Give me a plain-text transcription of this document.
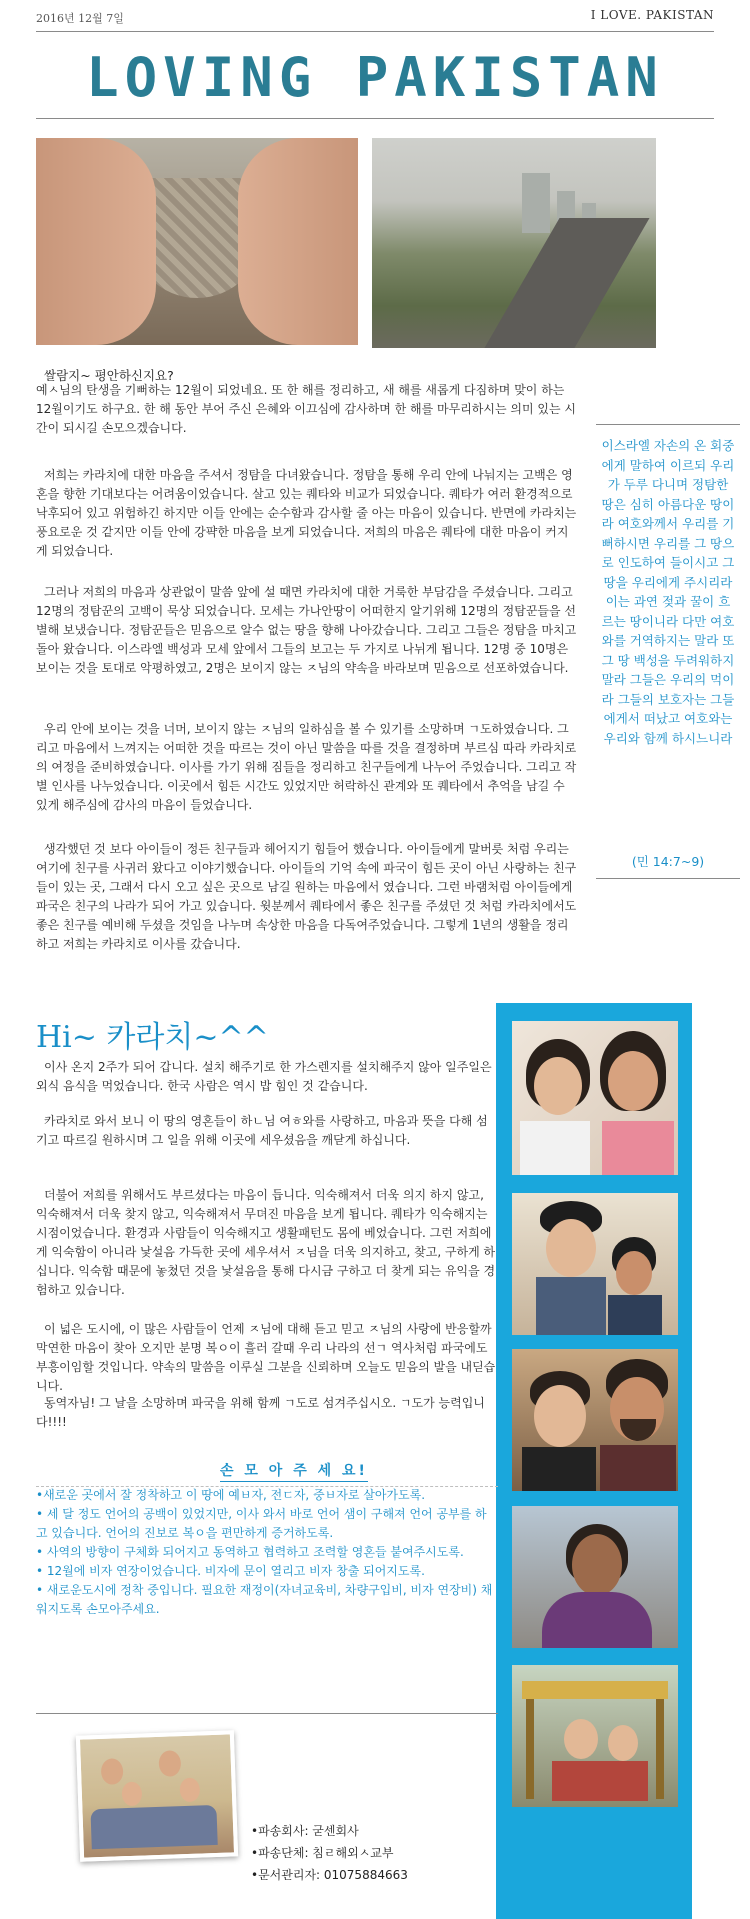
2016년 12월 7일	I LOVE. PAKISTAN
LOVING PAKISTAN
쌀람지~ 평안하신지요?
예ㅅ님의 탄생을 기뻐하는 12월이 되었네요. 또 한 해를 정리하고, 새 해를 새롭게 다짐하며 맞이 하는 12월이기도 하구요. 한 해 동안 부어 주신 은혜와 이끄심에 감사하며 한 해를 마무리하시는 의미 있는 시간이 되시길 손모으겠습니다.
저희는 카라치에 대한 마음을 주셔서 정탐을 다녀왔습니다. 정탐을 통해 우리 안에 나눠지는 고백은 영혼을 향한 기대보다는 어려움이었습니다. 살고 있는 퀘타와 비교가 되었습니다. 퀘타가 여러 환경적으로 낙후되어 있고 위험하긴 하지만 이들 안에는 순수함과 감사할 줄 아는 마음이 있습니다. 반면에 카라치는 풍요로운 것 같지만 이들 안에 강퍅한 마음을 보게 되었습니다. 저희의 마음은 퀘타에 대한 마음이 커지게 되었습니다.
그러나 저희의 마음과 상관없이 말씀 앞에 설 때면 카라치에 대한 거룩한 부담감을 주셨습니다. 그리고 12명의 정탐꾼의 고백이 묵상 되었습니다. 모세는 가나안땅이 어떠한지 알기위해 12명의 정탐꾼들을 선별해 보냈습니다. 정탐꾼들은 믿음으로 알수 없는 땅을 향해 나아갔습니다. 그리고 그들은 정탐을 마치고 돌아 왔습니다. 이스라엘 백성과 모세 앞에서 그들의 보고는 두 가지로 나뉘게 됩니다. 12명 중 10명은 보이는 것을 토대로 악평하였고, 2명은 보이지 않는 ㅈ님의 약속을 바라보며 믿음으로 선포하였습니다.
우리 안에 보이는 것을 너머, 보이지 않는 ㅈ님의 일하심을 볼 수 있기를 소망하며 ㄱ도하였습니다. 그리고 마음에서 느껴지는 어떠한 것을 따르는 것이 아닌 말씀을 따를 것을 결정하며 부르심 따라 카라치로의 여정을 준비하였습니다. 이사를 가기 위해 짐들을 정리하고 친구들에게 나누어 주었습니다. 그리고 작별 인사를 나누었습니다. 이곳에서 힘든 시간도 있었지만 허락하신 관계와 또 퀘타에서 추억을 남길 수 있게 해주심에 감사의 마음이 들었습니다.
생각했던 것 보다 아이들이 정든 친구들과 헤어지기 힘들어 했습니다. 아이들에게 말버릇 처럼 우리는 여기에 친구를 사귀러 왔다고 이야기했습니다. 아이들의 기억 속에 파국이 힘든 곳이 아닌 사랑하는 친구들이 있는 곳, 그래서 다시 오고 싶은 곳으로 남길 원하는 마음에서 였습니다. 그런 바램처럼 아이들에게 파국은 친구의 나라가 되어 가고 있습니다. 윗분께서 퀘타에서 좋은 친구를 주셨던 것 처럼 카라치에서도 좋은 친구를 예비해 두셨을 것임을 나누며 속상한 마음을 다독여주었습니다. 그렇게 1년의 생활을 정리하고 저희는 카라치로 이사를 갔습니다.
이스라엘 자손의 온 회중에게 말하여 이르되 우리가 두루 다니며 정탐한 땅은 심히 아름다운 땅이라 여호와께서 우리를 기뻐하시면 우리를 그 땅으로 인도하여 들이시고 그 땅을 우리에게 주시리라 이는 과연 젖과 꿀이 흐르는 땅이니라 다만 여호와를 거역하지는 말라 또 그 땅 백성을 두려워하지 말라 그들은 우리의 먹이라 그들의 보호자는 그들에게서 떠났고 여호와는 우리와 함께 하시느니라
(민 14:7~9)
Hi~ 카라치~^^
이사 온지 2주가 되어 갑니다. 설치 해주기로 한 가스렌지를 설치해주지 않아 일주일은 외식 음식을 먹었습니다. 한국 사람은 역시 밥 힘인 것 같습니다.
카라치로 와서 보니 이 땅의 영혼들이 하ㄴ님 여ㅎ와를 사랑하고, 마음과 뜻을 다해 섬기고 따르길 원하시며 그 일을 위해 이곳에 세우셨음을 깨닫게 하십니다.
더불어 저희를 위해서도 부르셨다는 마음이 듭니다. 익숙해져서 더욱 의지 하지 않고, 익숙해져서 더욱 찾지 않고, 익숙해져서 무뎌진 마음을 보게 됩니다. 퀘타가 익숙해지는 시점이었습니다. 환경과 사람들이 익숙해지고 생활패턴도 몸에 베었습니다. 그런 저희에게 익숙함이 아니라 낯설음 가득한 곳에 세우셔서 ㅈ님을 더욱 의지하고, 찾고, 구하게 하십니다. 익숙함 때문에 놓쳤던 것을 낯설음을 통해 다시금 구하고 더 찾게 되는 유익을 경험하고 있습니다.
이 넓은 도시에, 이 많은 사람들이 언제 ㅈ님에 대해 듣고 믿고 ㅈ님의 사랑에 반응할까 막연한 마음이 찾아 오지만 분명 복ㅇ이 흘러 갈때 우리 나라의 선ㄱ 역사처럼 파국에도 부흥이임할 것입니다. 약속의 말씀을 이루실 그분을 신뢰하며 오늘도 믿음의 발을 내딛습니다.
동역자님! 그 날을 소망하며 파국을 위해 함께 ㄱ도로 섬겨주십시오. ㄱ도가 능력입니다!!!!
손 모 아 주 세 요!
•새로운 곳에서 잘 정착하고 이 땅에 예ㅂ자, 전ㄷ자, 중ㅂ자로 살아가도록.
• 세 달 정도 언어의 공백이 있었지만, 이사 와서 바로 언어 샘이 구해져 언어 공부를 하고 있습니다. 언어의 진보로 복ㅇ을 편만하게 증거하도록.
• 사역의 방향이 구체화 되어지고 동역하고 협력하고 조력할 영혼들 붙여주시도록.
• 12월에 비자 연장이었습니다. 비자에 문이 열리고 비자 창출 되어지도록.
• 새로운도시에 정착 중입니다. 필요한 재정이(자녀교육비, 차량구입비, 비자 연장비) 채워지도록 손모아주세요.
•파송회사: 굳센회사
•파송단체: 침ㄹ해외ㅅ교부
•문서관리자: 01075884663
